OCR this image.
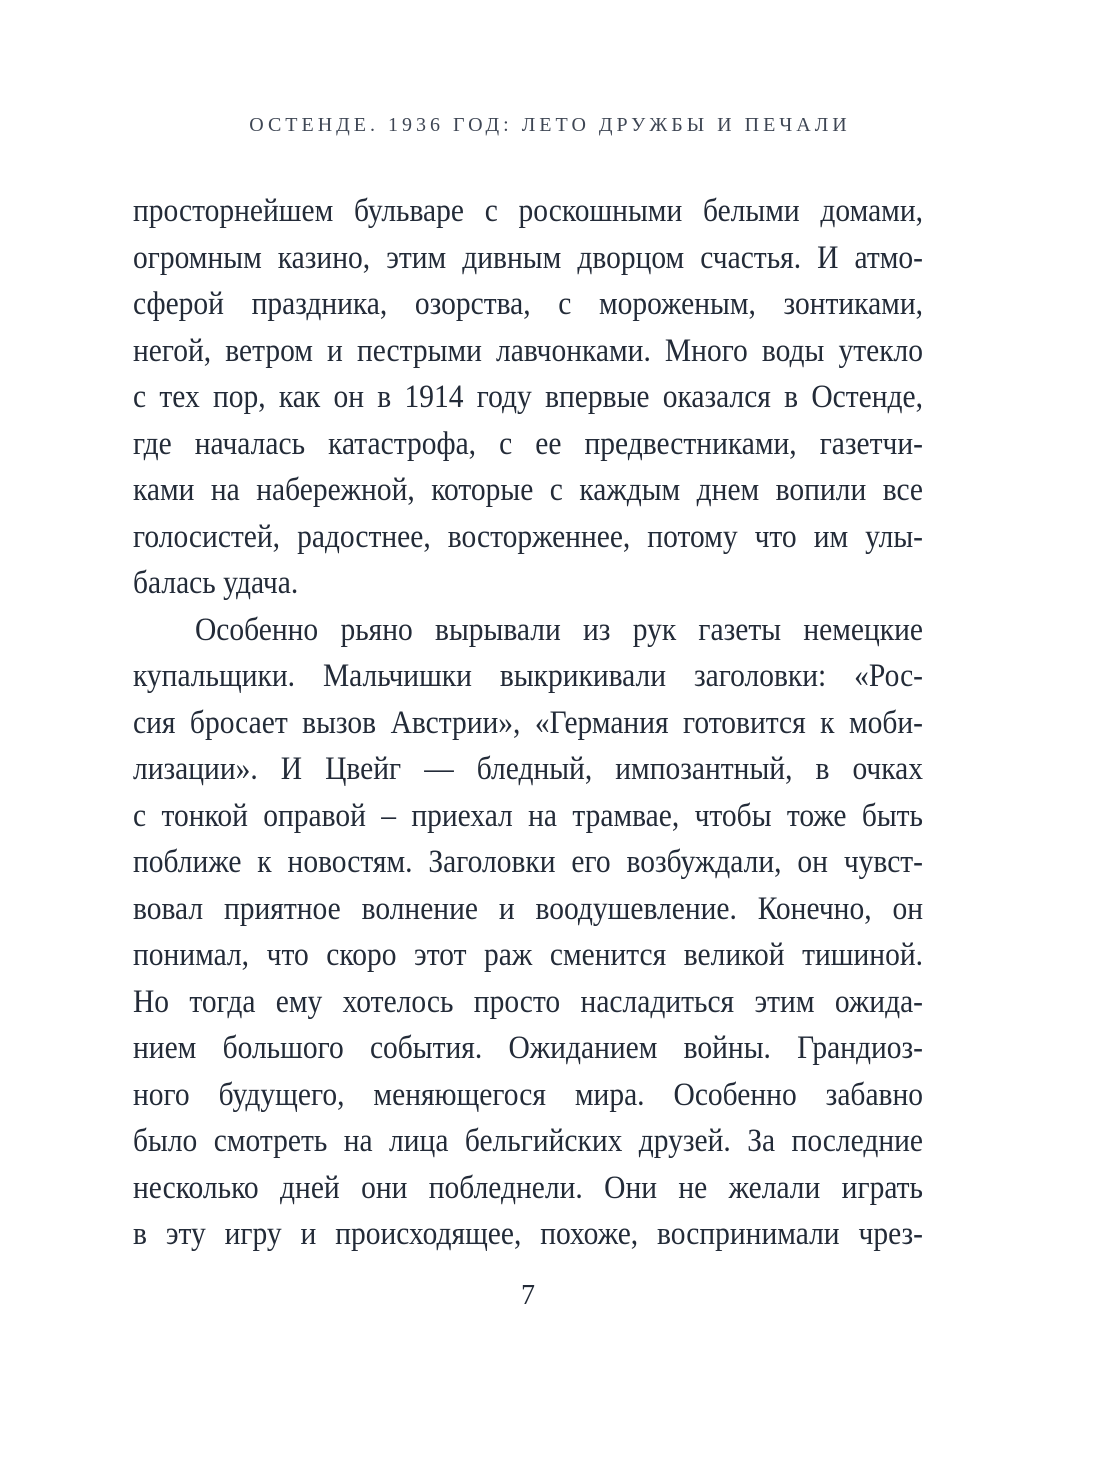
ОСТЕНДЕ. 1936 ГОД: ЛЕТО ДРУЖБЫ И ПЕЧАЛИ
просторнейшем бульваре с роскошными белыми домами,
огромным казино, этим дивным дворцом счастья. И атмо-
сферой праздника, озорства, с мороженым, зонтиками,
негой, ветром и пестрыми лавчонками. Много воды утекло
с тех пор, как он в 1914 году впервые оказался в Остенде,
где началась катастрофа, с ее предвестниками, газетчи-
ками на набережной, которые с каждым днем вопили все
голосистей, радостнее, восторженнее, потому что им улы-
балась удача.
Особенно рьяно вырывали из рук газеты немецкие
купальщики. Мальчишки выкрикивали заголовки: «Рос-
сия бросает вызов Австрии», «Германия готовится к моби-
лизации». И Цвейг — бледный, импозантный, в очках
с тонкой оправой – приехал на трамвае, чтобы тоже быть
поближе к новостям. Заголовки его возбуждали, он чувст-
вовал приятное волнение и воодушевление. Конечно, он
понимал, что скоро этот раж сменится великой тишиной.
Но тогда ему хотелось просто насладиться этим ожида-
нием большого события. Ожиданием войны. Грандиоз-
ного будущего, меняющегося мира. Особенно забавно
было смотреть на лица бельгийских друзей. За последние
несколько дней они побледнели. Они не желали играть
в эту игру и происходящее, похоже, воспринимали чрез-
7
